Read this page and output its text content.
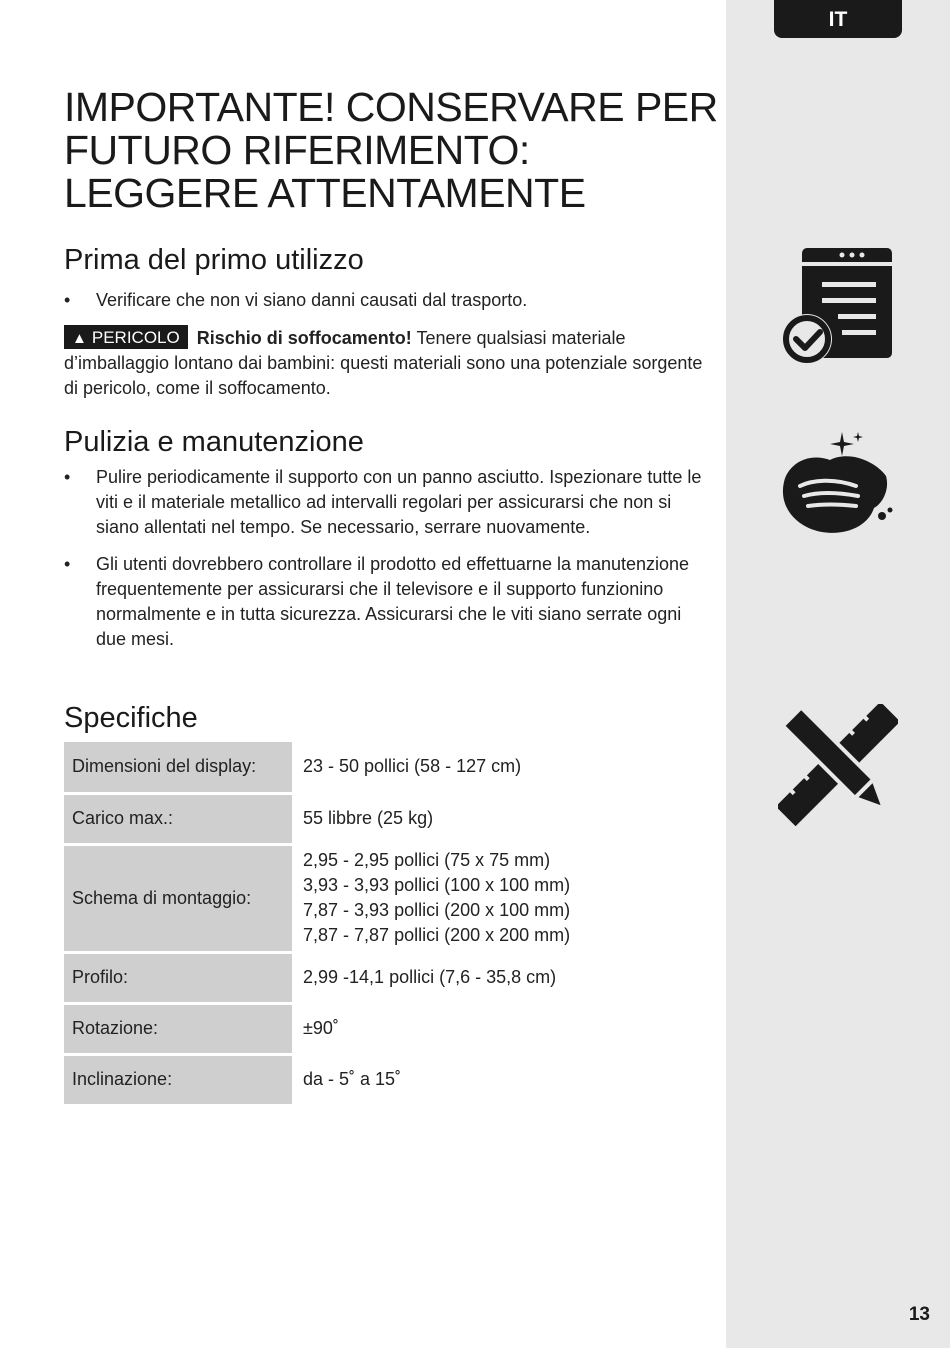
IT
IMPORTANTE! CONSERVARE PER FUTURO RIFERIMENTO: LEGGERE ATTENTAMENTE
Prima del primo utilizzo
• Verificare che non vi siano danni causati dal trasporto.
▲ PERICOLO Rischio di soffocamento! Tenere qualsiasi materiale d’imballaggio lontano dai bambini: questi materiali sono una potenziale sorgente di pericolo, come il soffocamento.
Pulizia e manutenzione
• Pulire periodicamente il supporto con un panno asciutto. Ispezionare tutte le viti e il materiale metallico ad intervalli regolari per assicurarsi che non si siano allentati nel tempo. Se necessario, serrare nuovamente.
• Gli utenti dovrebbero controllare il prodotto ed effettuarne la manutenzione frequentemente per assicurarsi che il televisore e il supporto funzionino normalmente e in tutta sicurezza. Assicurarsi che le viti siano serrate ogni due mesi.
Specifiche
Dimensioni del display:	23 - 50 pollici (58 - 127 cm)

Carico max.:	55 libbre (25 kg)

Schema di montaggio:	2,95 - 2,95 pollici (75 x 75 mm)
3,93 - 3,93 pollici (100 x 100 mm)
7,87 - 3,93 pollici (200 x 100 mm)
7,87 - 7,87 pollici (200 x 200 mm)

Profilo:	2,99 -14,1 pollici (7,6 - 35,8 cm)

Rotazione:	±90˚

Inclinazione:	da - 5˚ a 15˚
13
